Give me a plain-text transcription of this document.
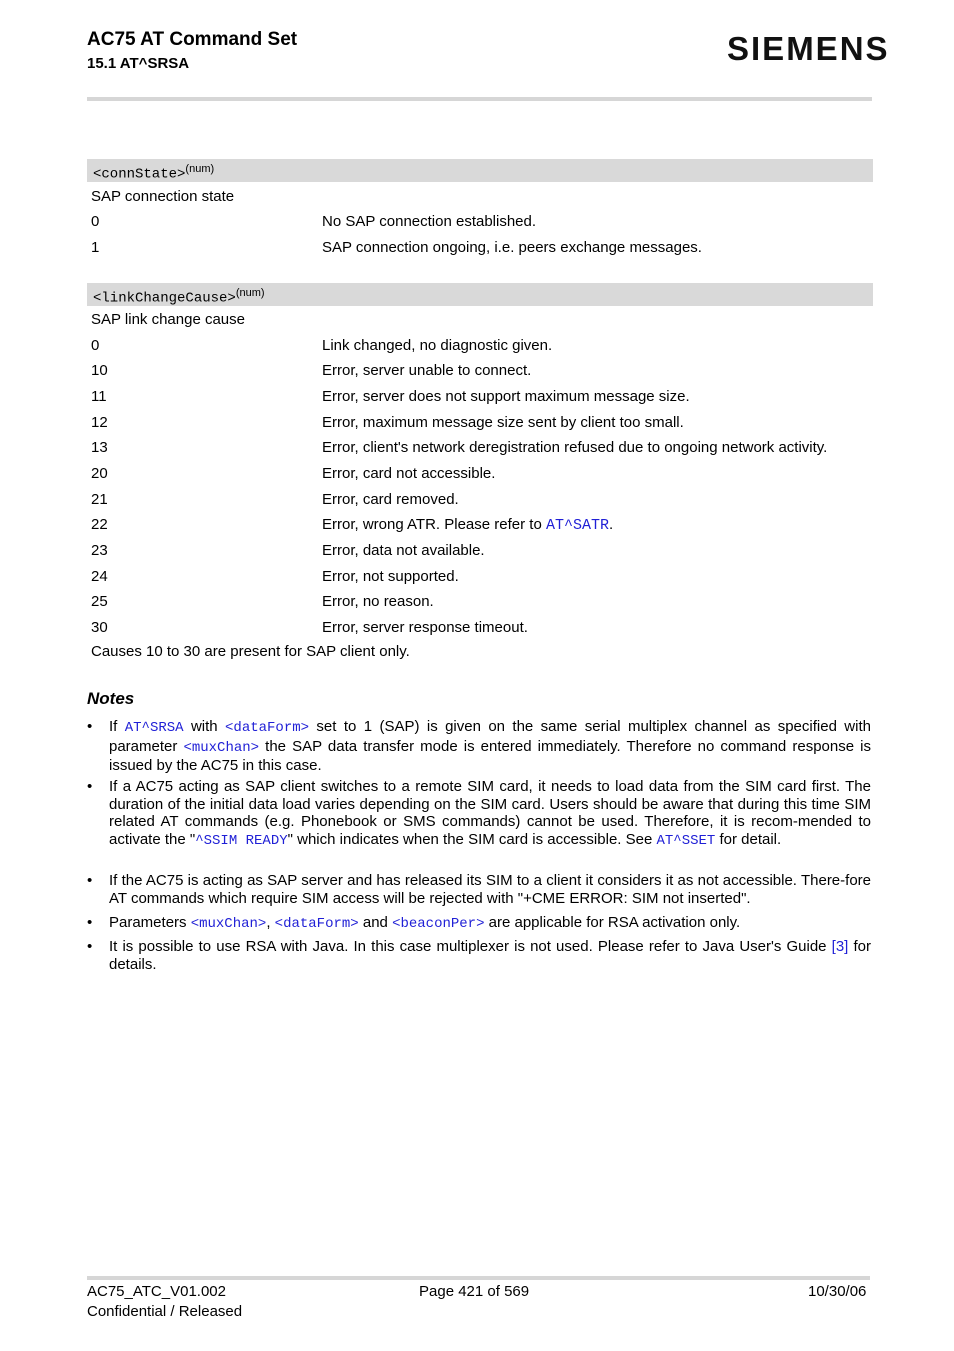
AC75 AT Command Set
15.1 AT^SRSA	SIEMENS
<connState>$^{(num)}$
SAP connection state
0	No SAP connection established.
1	SAP connection ongoing, i.e. peers exchange messages.
<linkChangeCause>$^{(num)}$
SAP link change cause
0	Link changed, no diagnostic given.
10	Error, server unable to connect.
11	Error, server does not support maximum message size.
12	Error, maximum message size sent by client too small.
13	Error, client's network deregistration refused due to ongoing network activity.
20	Error, card not accessible.
21	Error, card removed.
22	Error, wrong ATR. Please refer to AT^SATR.
23	Error, data not available.
24	Error, not supported.
25	Error, no reason.
30	Error, server response timeout.
Causes 10 to 30 are present for SAP client only.
Notes
• If AT^SRSA with <dataForm> set to 1 (SAP) is given on the same serial multiplex channel as specified with parameter <muxChan> the SAP data transfer mode is entered immediately. Therefore no command response is issued by the AC75 in this case.
• If a AC75 acting as SAP client switches to a remote SIM card, it needs to load data from the SIM card first. The duration of the initial data load varies depending on the SIM card. Users should be aware that during this time SIM related AT commands (e.g. Phonebook or SMS commands) cannot be used. Therefore, it is recom-mended to activate the "^SSIM READY" which indicates when the SIM card is accessible. See AT^SSET for detail.
• If the AC75 is acting as SAP server and has released its SIM to a client it considers it as not accessible. There-fore AT commands which require SIM access will be rejected with "+CME ERROR: SIM not inserted".
• Parameters <muxChan>, <dataForm> and <beaconPer> are applicable for RSA activation only.
• It is possible to use RSA with Java. In this case multiplexer is not used. Please refer to Java User's Guide [3] for details.
AC75_ATC_V01.002
Confidential / Released
Page 421 of 569	10/30/06
